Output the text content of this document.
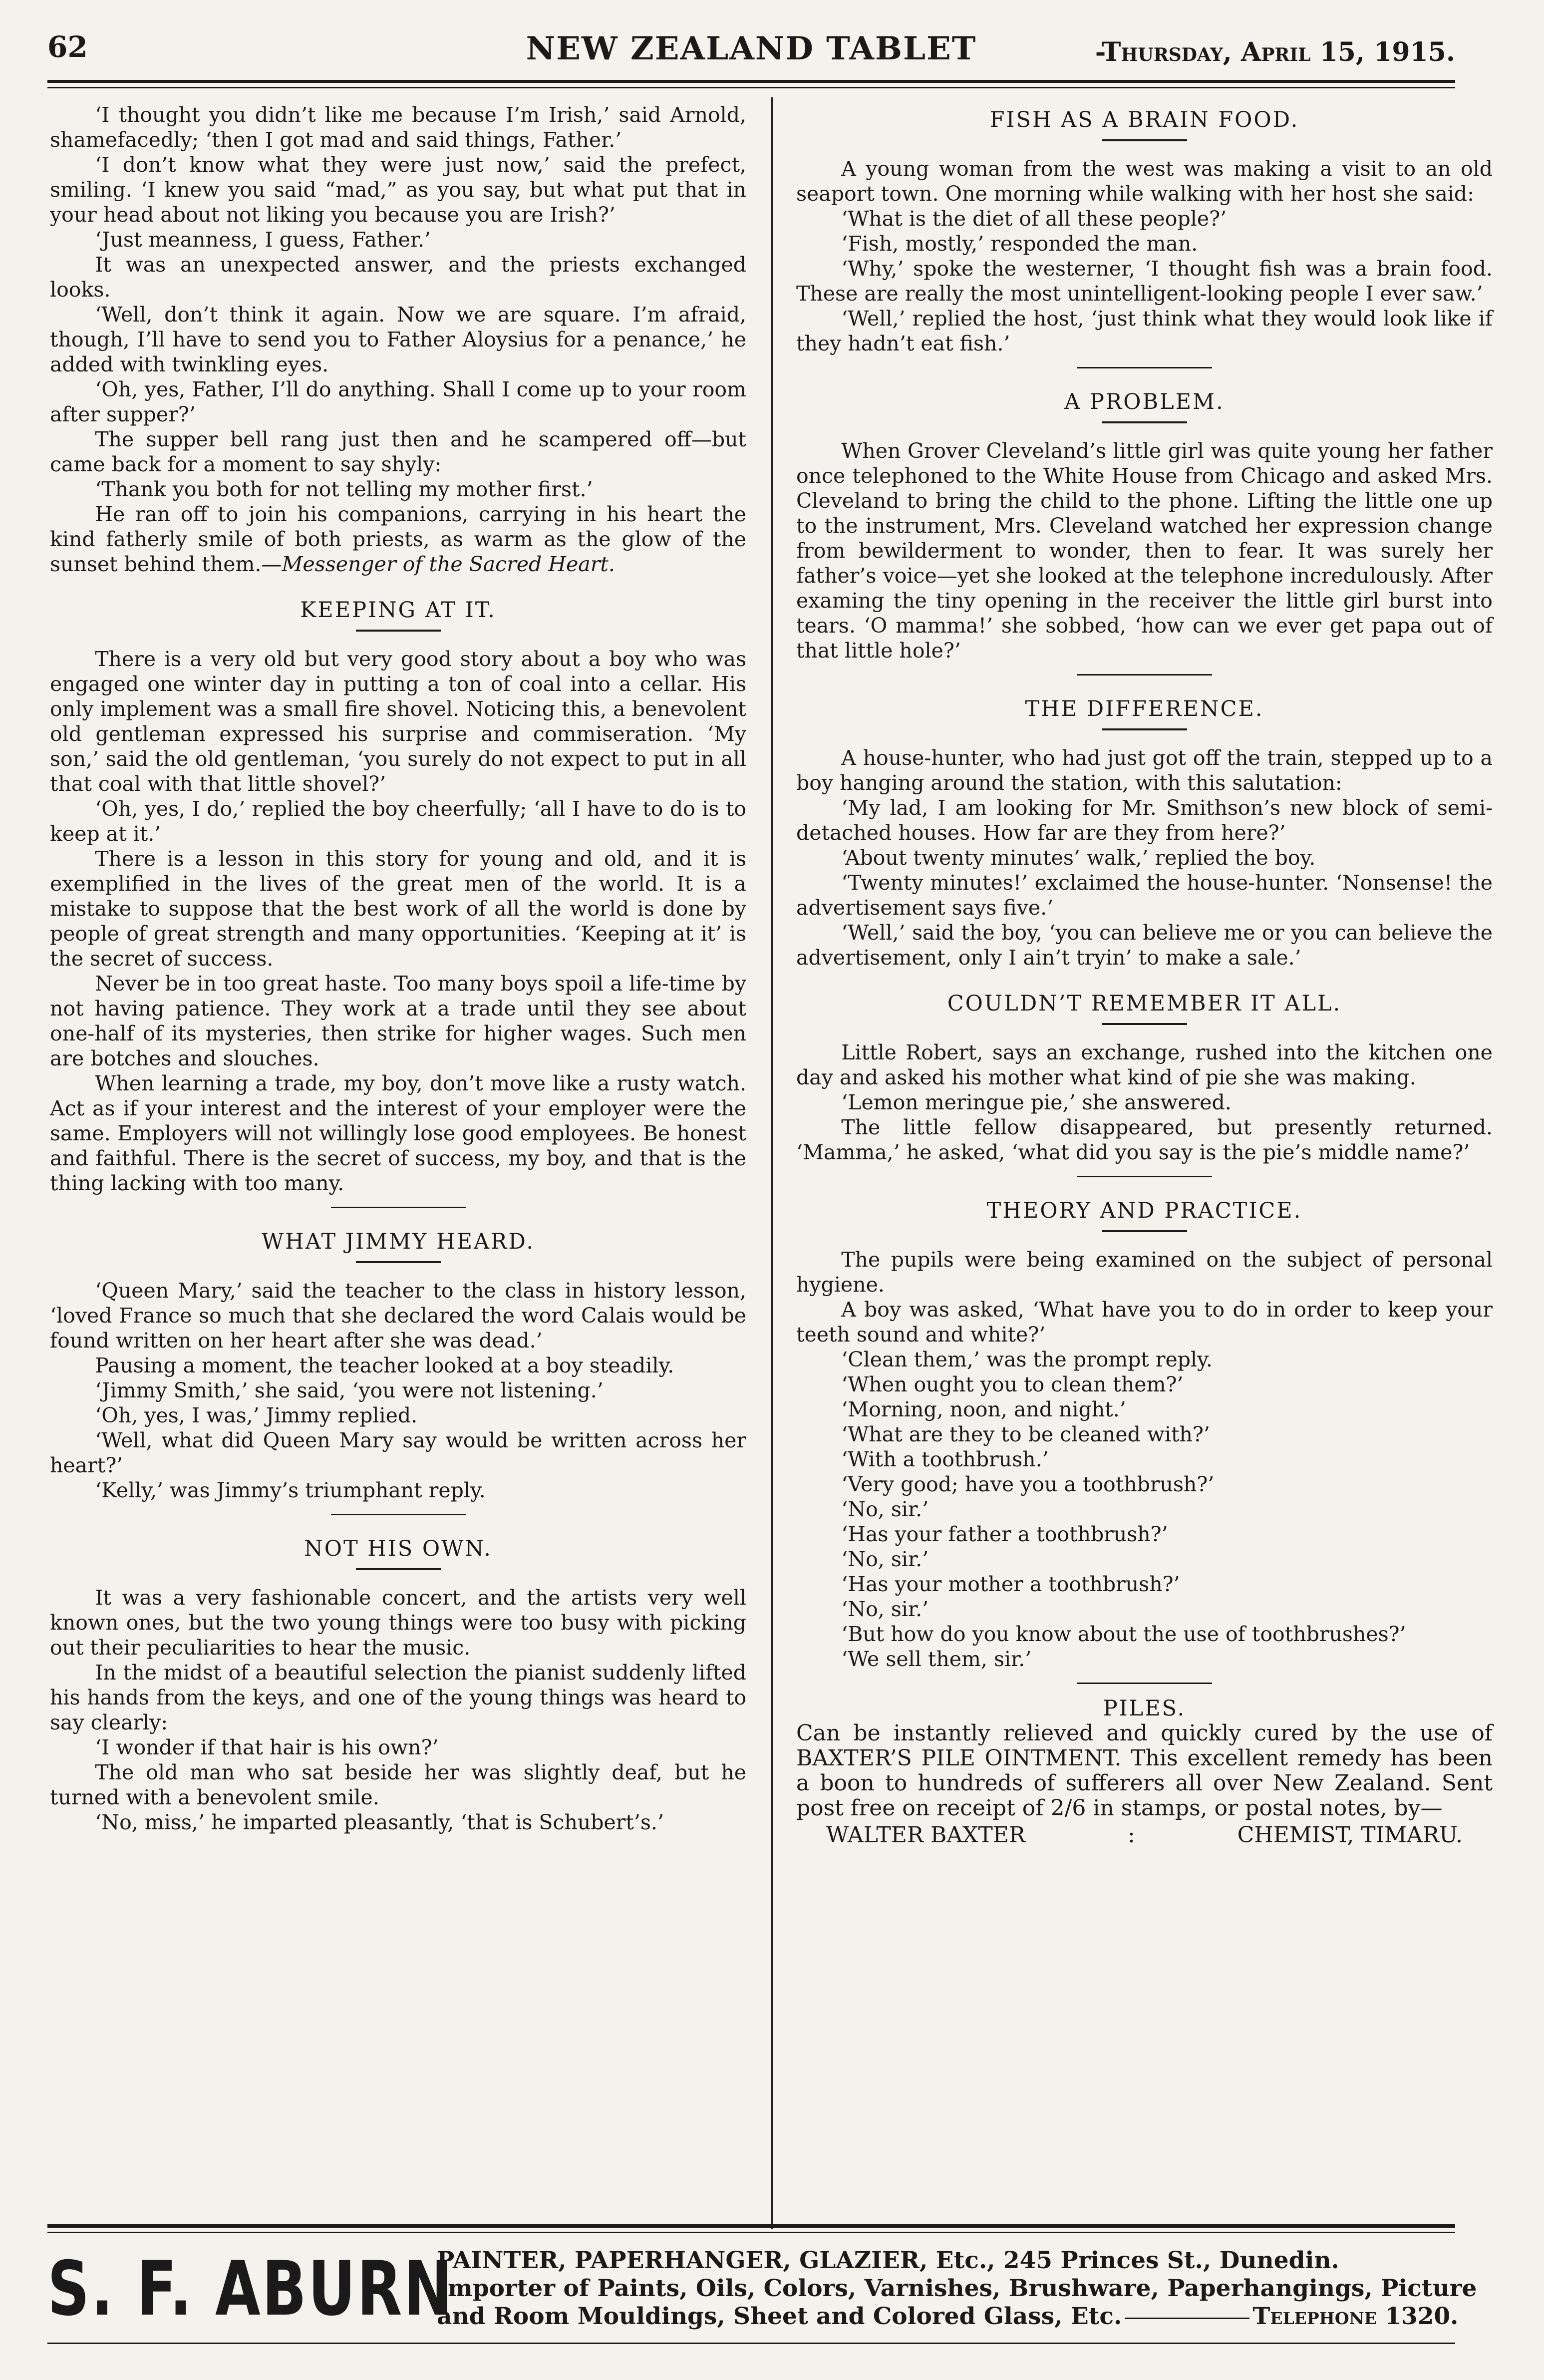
62	NEW ZEALAND TABLET	-Thursday, April 15, 1915.

‘I thought you didn’t like me because I’m Irish,’ said Arnold, shamefacedly; ‘then I got mad and said things, Father.’

‘I don’t know what they were just now,’ said the prefect, smiling. ‘I knew you said “mad,” as you say, but what put that in your head about not liking you because you are Irish?’

‘Just meanness, I guess, Father.’

It was an unexpected answer, and the priests exchanged looks.

‘Well, don’t think it again. Now we are square. I’m afraid, though, I’ll have to send you to Father Aloysius for a penance,’ he added with twinkling eyes.

‘Oh, yes, Father, I’ll do anything. Shall I come up to your room after supper?’

The supper bell rang just then and he scampered off—but came back for a moment to say shyly:

‘Thank you both for not telling my mother first.’

He ran off to join his companions, carrying in his heart the kind fatherly smile of both priests, as warm as the glow of the sunset behind them.—Messenger of the Sacred Heart.

KEEPING AT IT.

There is a very old but very good story about a boy who was engaged one winter day in putting a ton of coal into a cellar. His only implement was a small fire shovel. Noticing this, a benevolent old gentleman expressed his surprise and commiseration. ‘My son,’ said the old gentleman, ‘you surely do not expect to put in all that coal with that little shovel?’

‘Oh, yes, I do,’ replied the boy cheerfully; ‘all I have to do is to keep at it.’

There is a lesson in this story for young and old, and it is exemplified in the lives of the great men of the world. It is a mistake to suppose that the best work of all the world is done by people of great strength and many opportunities. ‘Keeping at it’ is the secret of success.

Never be in too great haste. Too many boys spoil a life-time by not having patience. They work at a trade until they see about one-half of its mysteries, then strike for higher wages. Such men are botches and slouches.

When learning a trade, my boy, don’t move like a rusty watch. Act as if your interest and the interest of your employer were the same. Employers will not willingly lose good employees. Be honest and faithful. There is the secret of success, my boy, and that is the thing lacking with too many.

WHAT JIMMY HEARD.

‘Queen Mary,’ said the teacher to the class in history lesson, ‘loved France so much that she declared the word Calais would be found written on her heart after she was dead.’

Pausing a moment, the teacher looked at a boy steadily.

‘Jimmy Smith,’ she said, ‘you were not listening.’

‘Oh, yes, I was,’ Jimmy replied.

‘Well, what did Queen Mary say would be written across her heart?’

‘Kelly,’ was Jimmy’s triumphant reply.

NOT HIS OWN.

It was a very fashionable concert, and the artists very well known ones, but the two young things were too busy with picking out their peculiarities to hear the music.

In the midst of a beautiful selection the pianist suddenly lifted his hands from the keys, and one of the young things was heard to say clearly:

‘I wonder if that hair is his own?’

The old man who sat beside her was slightly deaf, but he turned with a benevolent smile.

‘No, miss,’ he imparted pleasantly, ‘that is Schubert’s.’

FISH AS A BRAIN FOOD.

A young woman from the west was making a visit to an old seaport town. One morning while walking with her host she said:

‘What is the diet of all these people?’

‘Fish, mostly,’ responded the man.

‘Why,’ spoke the westerner, ‘I thought fish was a brain food. These are really the most unintelligent-looking people I ever saw.’

‘Well,’ replied the host, ‘just think what they would look like if they hadn’t eat fish.’

A PROBLEM.

When Grover Cleveland’s little girl was quite young her father once telephoned to the White House from Chicago and asked Mrs. Cleveland to bring the child to the phone. Lifting the little one up to the instrument, Mrs. Cleveland watched her expression change from bewilderment to wonder, then to fear. It was surely her father’s voice—yet she looked at the telephone incredulously. After examing the tiny opening in the receiver the little girl burst into tears. ‘O mamma!’ she sobbed, ‘how can we ever get papa out of that little hole?’

THE DIFFERENCE.

A house-hunter, who had just got off the train, stepped up to a boy hanging around the station, with this salutation:

‘My lad, I am looking for Mr. Smithson’s new block of semi-detached houses. How far are they from here?’

‘About twenty minutes’ walk,’ replied the boy.

‘Twenty minutes!’ exclaimed the house-hunter. ‘Nonsense! the advertisement says five.’

‘Well,’ said the boy, ‘you can believe me or you can believe the advertisement, only I ain’t tryin’ to make a sale.’

COULDN’T REMEMBER IT ALL.

Little Robert, says an exchange, rushed into the kitchen one day and asked his mother what kind of pie she was making.

‘Lemon meringue pie,’ she answered.

The little fellow disappeared, but presently returned. ‘Mamma,’ he asked, ‘what did you say is the pie’s middle name?’

THEORY AND PRACTICE.

The pupils were being examined on the subject of personal hygiene.

A boy was asked, ‘What have you to do in order to keep your teeth sound and white?’

‘Clean them,’ was the prompt reply.

‘When ought you to clean them?’

‘Morning, noon, and night.’

‘What are they to be cleaned with?’

‘With a toothbrush.’

‘Very good; have you a toothbrush?’

‘No, sir.’

‘Has your father a toothbrush?’

‘No, sir.’

‘Has your mother a toothbrush?’

‘No, sir.’

‘But how do you know about the use of toothbrushes?’

‘We sell them, sir.’

PILES.

Can be instantly relieved and quickly cured by the use of BAXTER’S PILE OINTMENT. This excellent remedy has been a boon to hundreds of sufferers all over New Zealand. Sent post free on receipt of 2/6 in stamps, or postal notes, by—

WALTER BAXTER	:	CHEMIST, TIMARU.
S. F. ABURN
PAINTER, PAPERHANGER, GLAZIER, Etc., 245 Princes St., Dunedin.
Importer of Paints, Oils, Colors, Varnishes, Brushware, Paperhangings, Picture
and Room Mouldings, Sheet and Colored Glass, Etc.	Telephone 1320.
